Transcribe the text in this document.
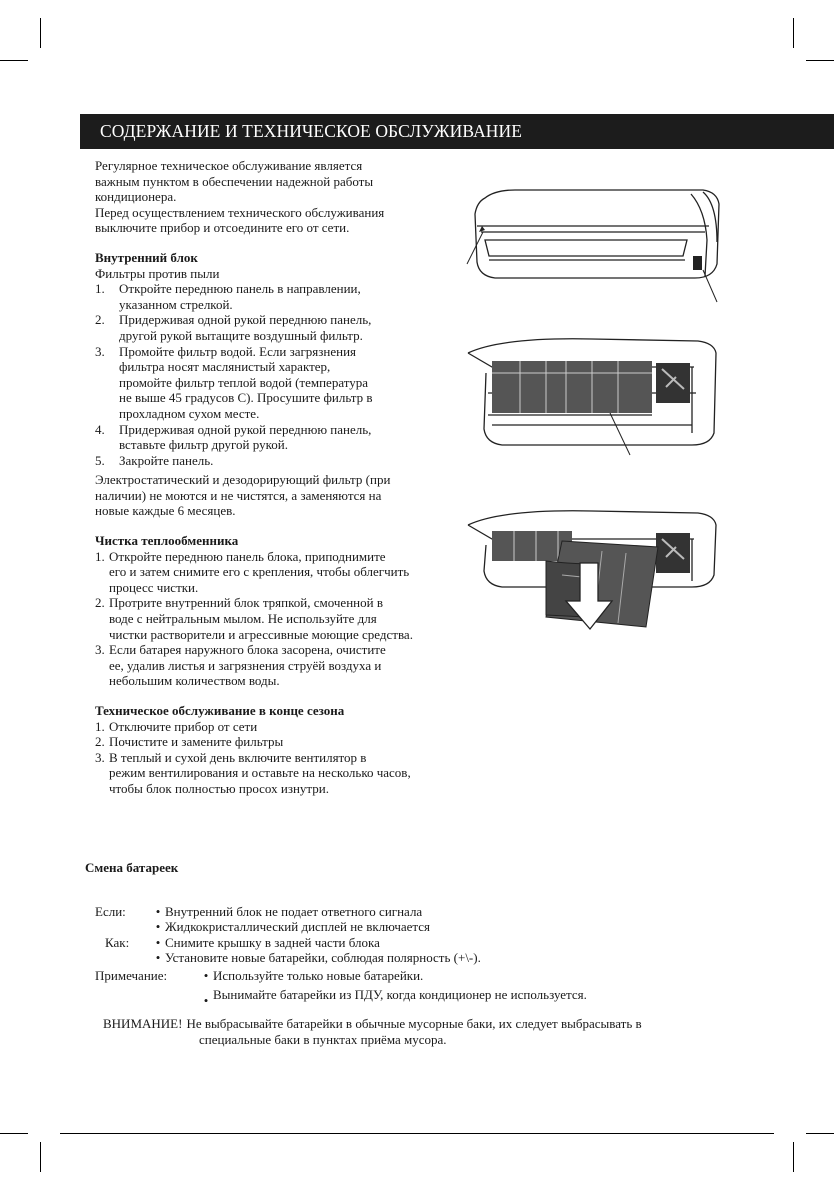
СОДЕРЖАНИЕ И ТЕХНИЧЕСКОЕ ОБСЛУЖИВАНИЕ

Регулярное техническое обслуживание является

важным пунктом в обеспечении надежной работы

кондиционера.

Перед осуществлением технического обслуживания

выключите прибор и отсоедините его от сети.

Внутренний блок

Фильтры против пыли

1.	Откройте переднюю панель в направлении,

указанном стрелкой.

2.	Придерживая одной рукой переднюю панель,

другой рукой вытащите воздушный фильтр.

3.	Промойте фильтр водой. Если загрязнения

фильтра носят маслянистый характер,

промойте фильтр теплой водой (температура

не выше 45 градусов С). Просушите фильтр в

прохладном сухом месте.

4.	Придерживая одной рукой переднюю панель,

вставьте фильтр другой рукой.

5.	Закройте панель.

Электростатический и дезодорирующий фильтр (при

наличии) не моются и не чистятся, а заменяются на

новые каждые 6 месяцев.

Чистка теплообменника

1. Откройте переднюю панель блока, приподнимите

его и затем снимите его с крепления, чтобы облегчить

процесс чистки.

2. Протрите внутренний блок тряпкой, смоченной в

воде с нейтральным мылом. Не используйте для

чистки растворители и агрессивные моющие средства.

3. Если батарея наружного блока засорена, очистите

ее, удалив листья и загрязнения струёй воздуха и

небольшим количеством воды.

Техническое обслуживание в конце сезона

1. Отключите прибор от сети

2. Почистите и замените фильтры

3. В теплый и сухой день включите вентилятор в

режим вентилирования и оставьте на несколько часов,

чтобы блок полностью просох изнутри.

Смена батареек

Если:	• Внутренний блок не подает ответного сигнала
• Жидкокристаллический дисплей не включается
Как:	• Снимите крышку в задней части блока
• Установите новые батарейки, соблюдая полярность (+\-).
Примечание:	• Используйте только новые батарейки.
• Вынимайте батарейки из ПДУ, когда кондиционер не используется.
ВНИМАНИЕ! Не выбрасывайте батарейки в обычные мусорные баки, их следует выбрасывать в
специальные баки в пунктах приёма мусора.
